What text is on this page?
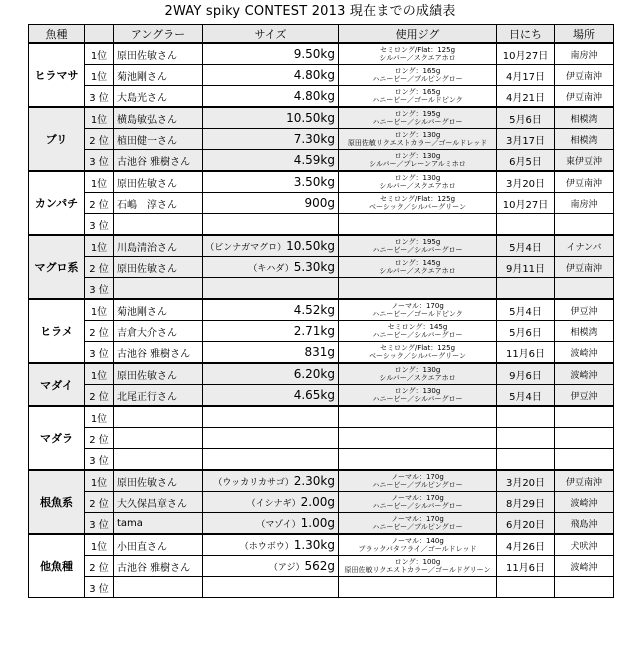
2WAY spiky CONTEST 2013 現在までの成績表
魚種		アングラー	サイズ	使用ジグ	日にち	場所
ヒラマサ	1位	原田佐敏さん	9.50kg	セミロング/Flat：125g
シルバー／スクエアホロ	10月27日	南房沖
	1位	菊池剛さん	4.80kg	ロング：165g
ハニービー／ブルピングロー	4月17日	伊豆南沖
	3 位	大島光さん	4.80kg	ロング：165g
ハニービー／ゴールドピンク	4月21日	伊豆南沖
ブリ	1位	横島敏弘さん	10.50kg	ロング：195g
ハニービー／シルバーグロー	5月6日	相模湾
	2 位	植田健一さん	7.30kg	ロング：130g
原田佐敏リクエストカラー／ゴールドレッド	3月17日	相模湾
	3 位	古池谷 雅樹さん	4.59kg	ロング：130g
シルバー／プレーンアルミホロ	6月5日	東伊豆沖
カンパチ	1位	原田佐敏さん	3.50kg	ロング：130g
シルバー／スクエアホロ	3月20日	伊豆南沖
	2 位	石嶋　淳さん	900g	セミロング/Flat：125g
ベーシック／シルバーグリーン	10月27日	南房沖
	3 位			

マグロ系	1位	川島清治さん	（ビンナガマグロ）10.50kg	ロング：195g
ハニービー／シルバーグロー	5月4日	イナンバ
	2 位	原田佐敏さん	（キハダ）5.30kg	ロング：145g
シルバー／スクエアホロ	9月11日	伊豆南沖
	3 位			

ヒラメ	1位	菊池剛さん	4.52kg	ノーマル：170g
ハニービー／ゴールドピンク	5月4日	伊豆沖
	2 位	吉倉大介さん	2.71kg	セミロング：145g
ハニービー／シルバーグロー	5月6日	相模湾
	3 位	古池谷 雅樹さん	831g	セミロング/Flat：125g
ベーシック／シルバーグリーン	11月6日	波崎沖
マダイ	1位	原田佐敏さん	6.20kg	ロング：130g
シルバー／スクエアホロ	9月6日	波崎沖
	2 位	北尾正行さん	4.65kg	ロング：130g
ハニービー／シルバーグロー	5月4日	伊豆沖
マダラ	1位			

	2 位			

	3 位			

根魚系	1位	原田佐敏さん	（ウッカリカサゴ）2.30kg	ノーマル：170g
ハニービー／ブルピングロー	3月20日	伊豆南沖
	2 位	大久保昌章さん	（イシナギ）2.00g	ノーマル：170g
ハニービー／シルバーグロー	8月29日	波崎沖
	3 位	tama	（マゾイ）1.00g	ノーマル：170g
ハニービー／ブルピングロー	6月20日	飛島沖
他魚種	1位	小田直さん	（ホウボウ）1.30kg	ノーマル：140g
ブラックバタフライ／ゴールドレッド	4月26日	犬吠沖
	2 位	古池谷 雅樹さん	（アジ）562g	ロング：100g
原田佐敏リクエストカラー／ゴールドグリーン	11月6日	波崎沖
	3 位			
